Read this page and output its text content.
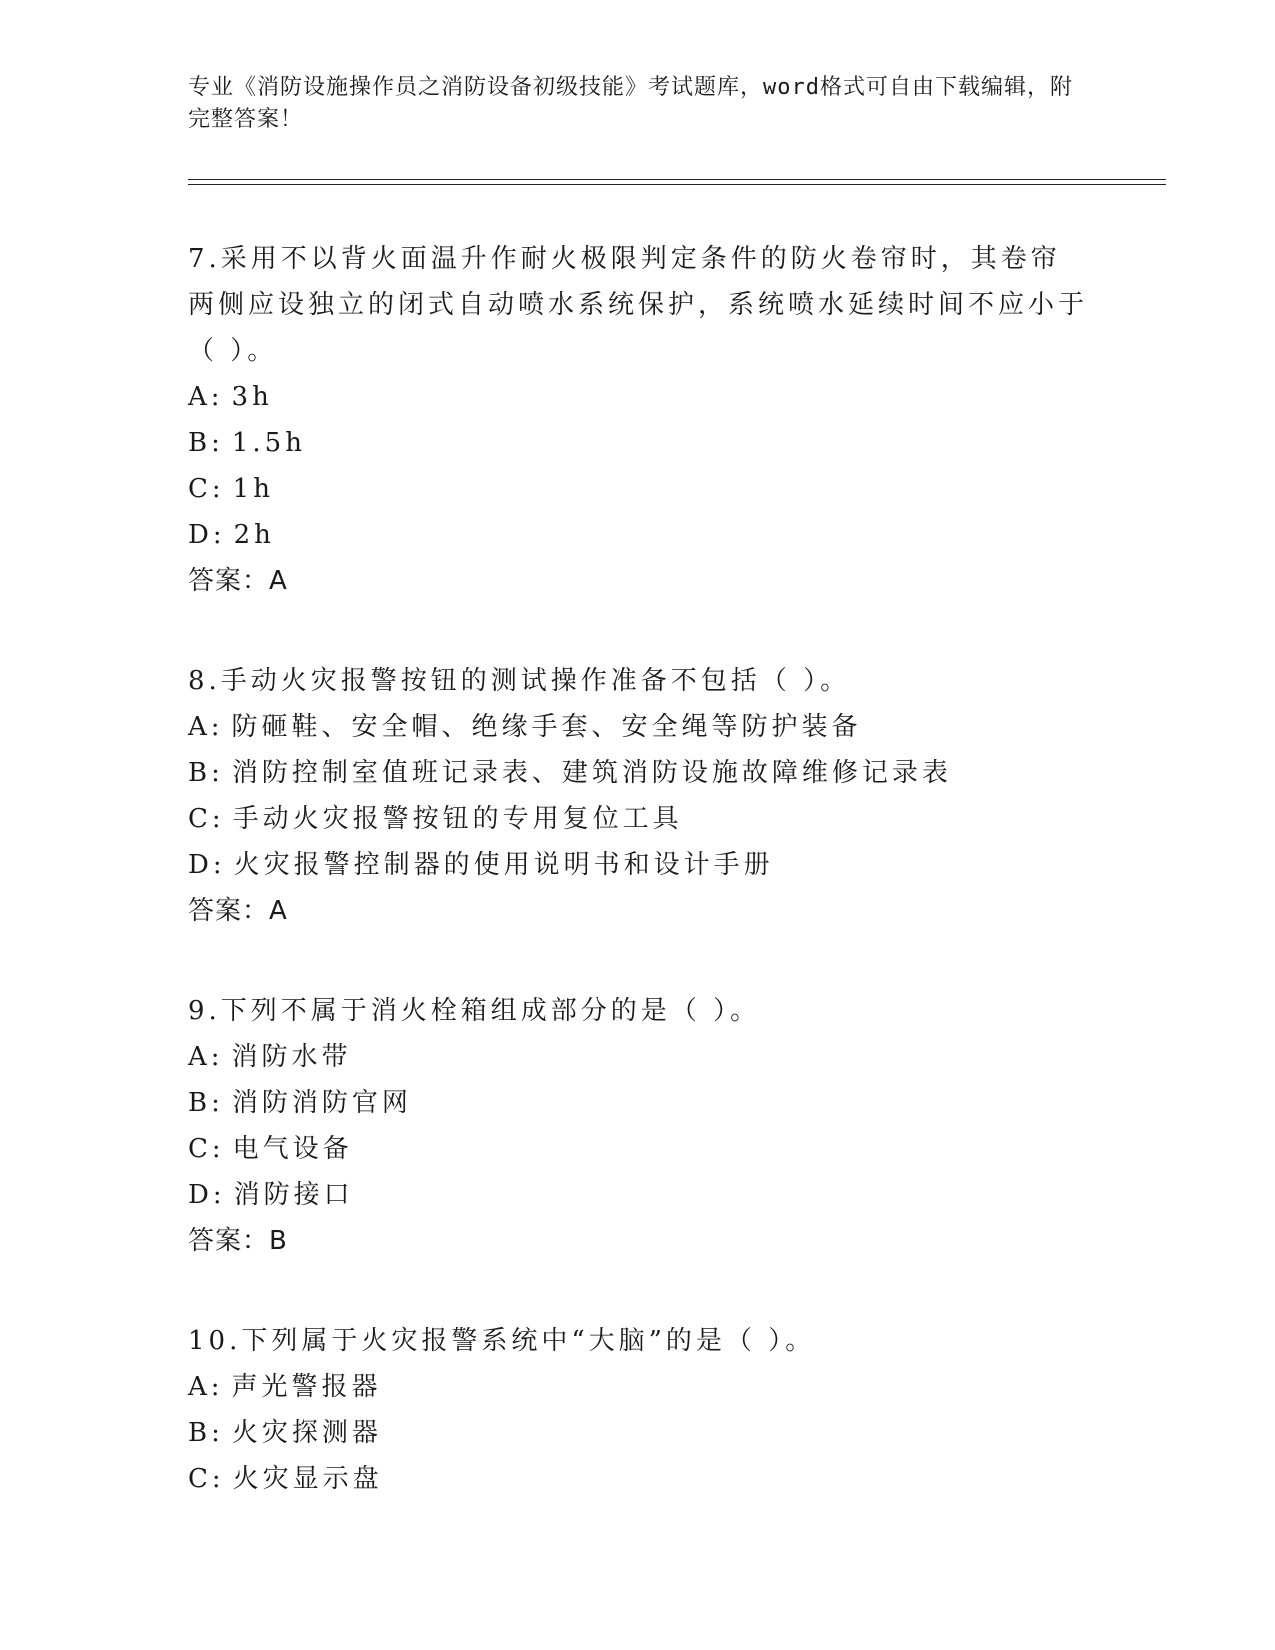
专业《消防设施操作员之消防设备初级技能》考试题库，word格式可自由下载编辑，附完整答案！

7.采用不以背火面温升作耐火极限判定条件的防火卷帘时，其卷帘两侧应设独立的闭式自动喷水系统保护，系统喷水延续时间不应小于（ ）。

A: 3h

B: 1.5h

C: 1h

D: 2h

答案：A

8.手动火灾报警按钮的测试操作准备不包括（ ）。

A: 防砸鞋、安全帽、绝缘手套、安全绳等防护装备

B: 消防控制室值班记录表、建筑消防设施故障维修记录表

C: 手动火灾报警按钮的专用复位工具

D: 火灾报警控制器的使用说明书和设计手册

答案：A

9.下列不属于消火栓箱组成部分的是（ ）。

A: 消防水带

B: 消防消防官网

C: 电气设备

D: 消防接口

答案：B

10.下列属于火灾报警系统中“大脑”的是（ ）。

A: 声光警报器

B: 火灾探测器

C: 火灾显示盘
